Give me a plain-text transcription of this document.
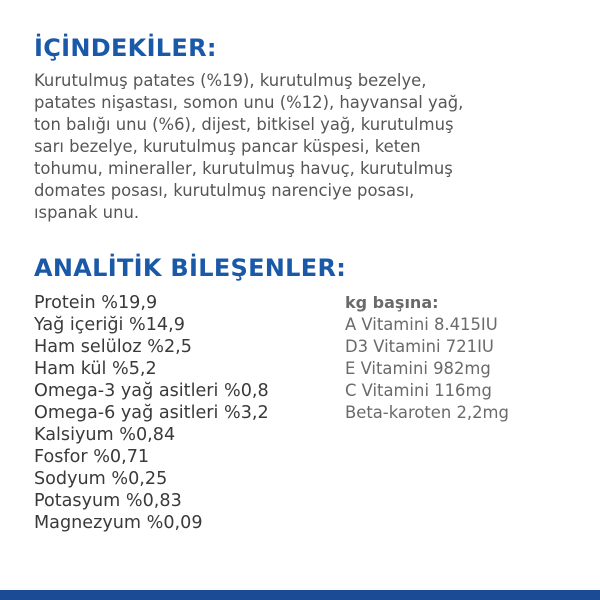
İÇİNDEKİLER:

Kurutulmuş patates (%19), kurutulmuş bezelye,
patates nişastası, somon unu (%12), hayvansal yağ,
ton balığı unu (%6), dijest, bitkisel yağ, kurutulmuş
sarı bezelye, kurutulmuş pancar küspesi, keten
tohumu, mineraller, kurutulmuş havuç, kurutulmuş
domates posası, kurutulmuş narenciye posası,
ıspanak unu.

ANALİTİK BİLEŞENLER:
Protein %19,9
Yağ içeriği %14,9
Ham selüloz %2,5
Ham kül %5,2
Omega-3 yağ asitleri %0,8
Omega-6 yağ asitleri %3,2
Kalsiyum %0,84
Fosfor %0,71
Sodyum %0,25
Potasyum %0,83
Magnezyum %0,09
kg başına:
A Vitamini 8.415IU
D3 Vitamini 721IU
E Vitamini 982mg
C Vitamini 116mg
Beta-karoten 2,2mg
